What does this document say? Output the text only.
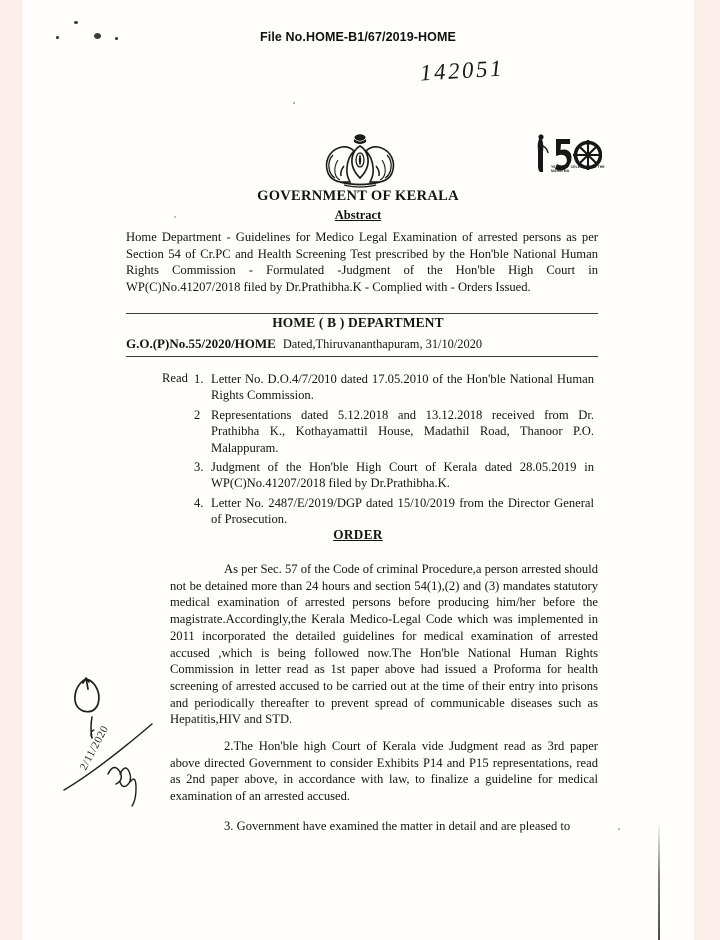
File No.HOME-B1/67/2019-HOME
142051
YEARS OF CELEBRATING THE MAHATMA
GOVERNMENT OF KERALA
Abstract
Home Department - Guidelines for Medico Legal Examination of arrested persons as per Section 54 of Cr.PC and Health Screening Test prescribed by the Hon'ble National Human Rights Commission - Formulated -Judgment of the Hon'ble High Court in WP(C)No.41207/2018 filed by Dr.Prathibha.K - Complied with - Orders Issued.
HOME ( B ) DEPARTMENT
G.O.(P)No.55/2020/HOME Dated,Thiruvananthapuram, 31/10/2020
Read 1. Letter No. D.O.4/7/2010 dated 17.05.2010 of the Hon'ble National Human Rights Commission.
2 Representations dated 5.12.2018 and 13.12.2018 received from Dr. Prathibha K., Kothayamattil House, Madathil Road, Thanoor P.O. Malappuram.
3. Judgment of the Hon'ble High Court of Kerala dated 28.05.2019 in WP(C)No.41207/2018 filed by Dr.Prathibha.K.
4. Letter No. 2487/E/2019/DGP dated 15/10/2019 from the Director General of Prosecution.
ORDER
As per Sec. 57 of the Code of criminal Procedure,a person arrested should not be detained more than 24 hours and section 54(1),(2) and (3) mandates statutory medical examination of arrested persons before producing him/her before the magistrate.Accordingly,the Kerala Medico-Legal Code which was implemented in 2011 incorporated the detailed guidelines for medical examination of arrested accused ,which is being followed now.The Hon'ble National Human Rights Commission in letter read as 1st paper above had issued a Proforma for health screening of arrested accused to be carried out at the time of their entry into prisons and periodically thereafter to prevent spread of communicable diseases such as Hepatitis,HIV and STD.
2.The Hon'ble high Court of Kerala vide Judgment read as 3rd paper above directed Government to consider Exhibits P14 and P15 representations, read as 2nd paper above, in accordance with law, to finalize a guideline for medical examination of an arrested accused.
3. Government have examined the matter in detail and are pleased to
2/11/2020
